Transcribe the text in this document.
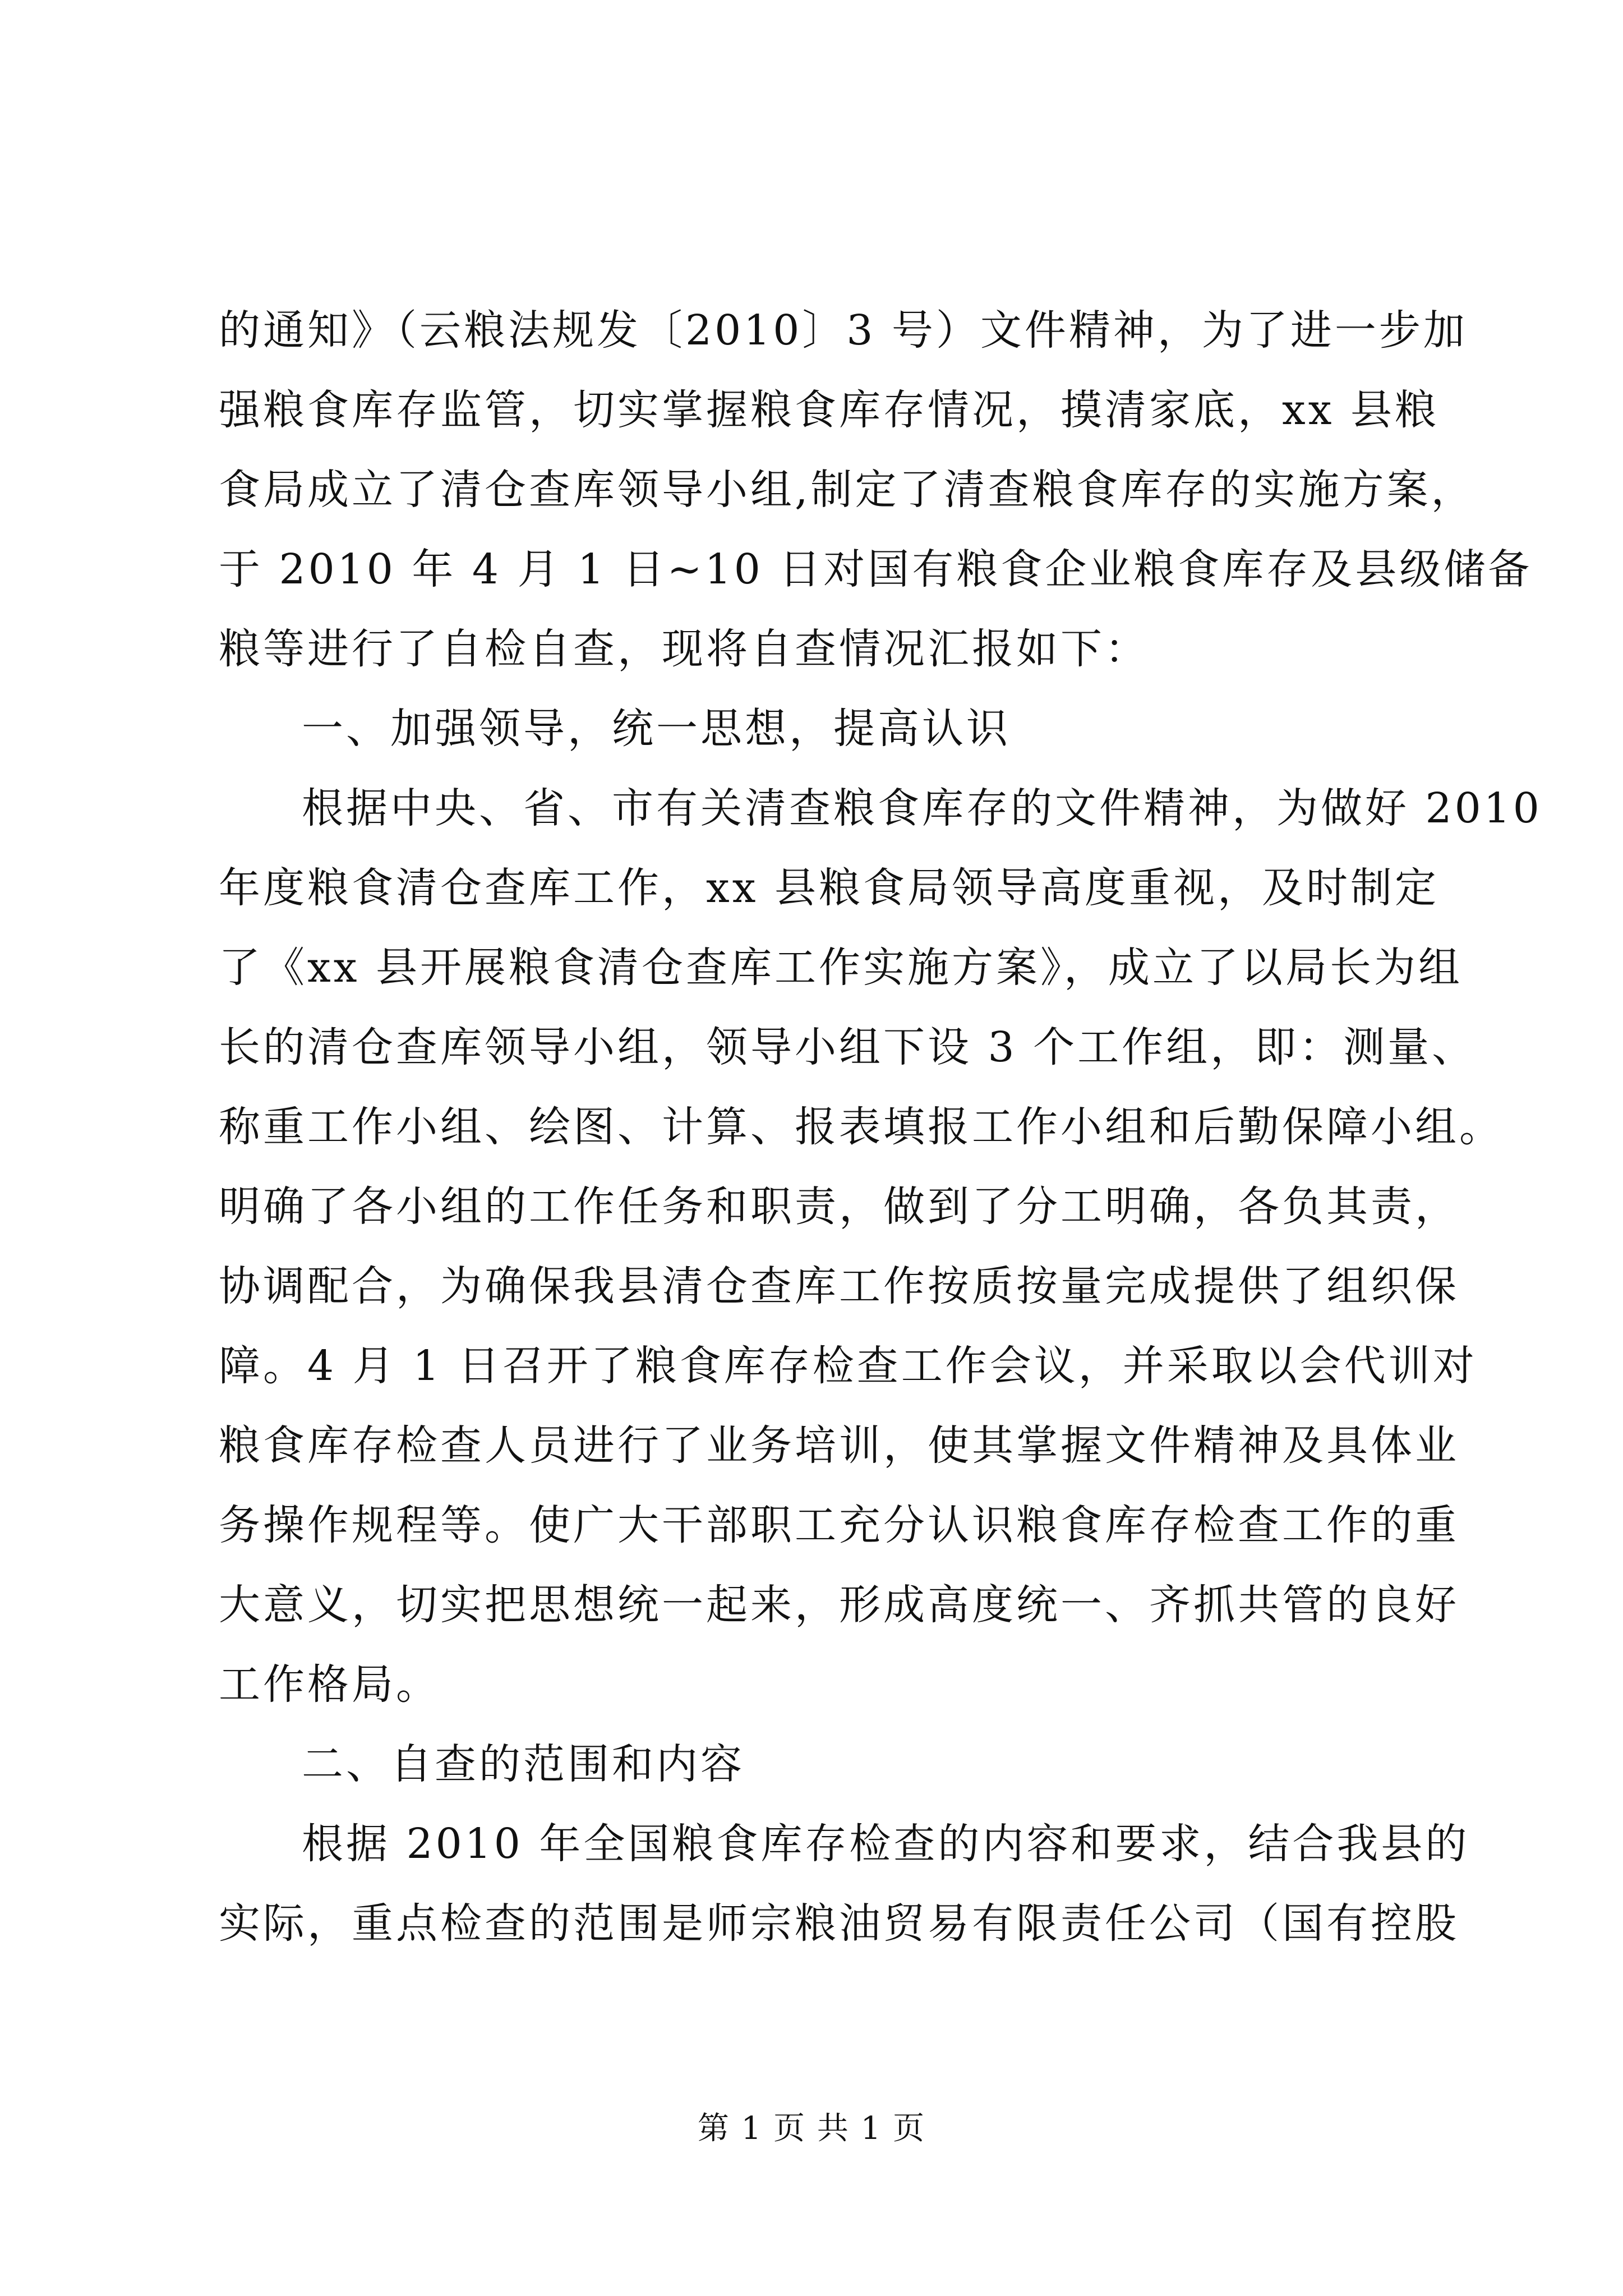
的通知》（云粮法规发〔2010〕3 号）文件精神，为了进一步加
强粮食库存监管，切实掌握粮食库存情况，摸清家底，xx 县粮
食局成立了清仓查库领导小组,制定了清查粮食库存的实施方案，
于 2010 年 4 月 1 日~10 日对国有粮食企业粮食库存及县级储备
粮等进行了自检自查，现将自查情况汇报如下：
一、加强领导，统一思想，提高认识
根据中央、省、市有关清查粮食库存的文件精神，为做好 2010
年度粮食清仓查库工作，xx 县粮食局领导高度重视，及时制定
了《xx 县开展粮食清仓查库工作实施方案》，成立了以局长为组
长的清仓查库领导小组，领导小组下设 3 个工作组，即：测量、
称重工作小组、绘图、计算、报表填报工作小组和后勤保障小组。
明确了各小组的工作任务和职责，做到了分工明确，各负其责，
协调配合，为确保我县清仓查库工作按质按量完成提供了组织保
障。4 月 1 日召开了粮食库存检查工作会议，并采取以会代训对
粮食库存检查人员进行了业务培训，使其掌握文件精神及具体业
务操作规程等。使广大干部职工充分认识粮食库存检查工作的重
大意义，切实把思想统一起来，形成高度统一、齐抓共管的良好
工作格局。
二、自查的范围和内容
根据 2010 年全国粮食库存检查的内容和要求，结合我县的
实际，重点检查的范围是师宗粮油贸易有限责任公司（国有控股
第 1 页 共 1 页
